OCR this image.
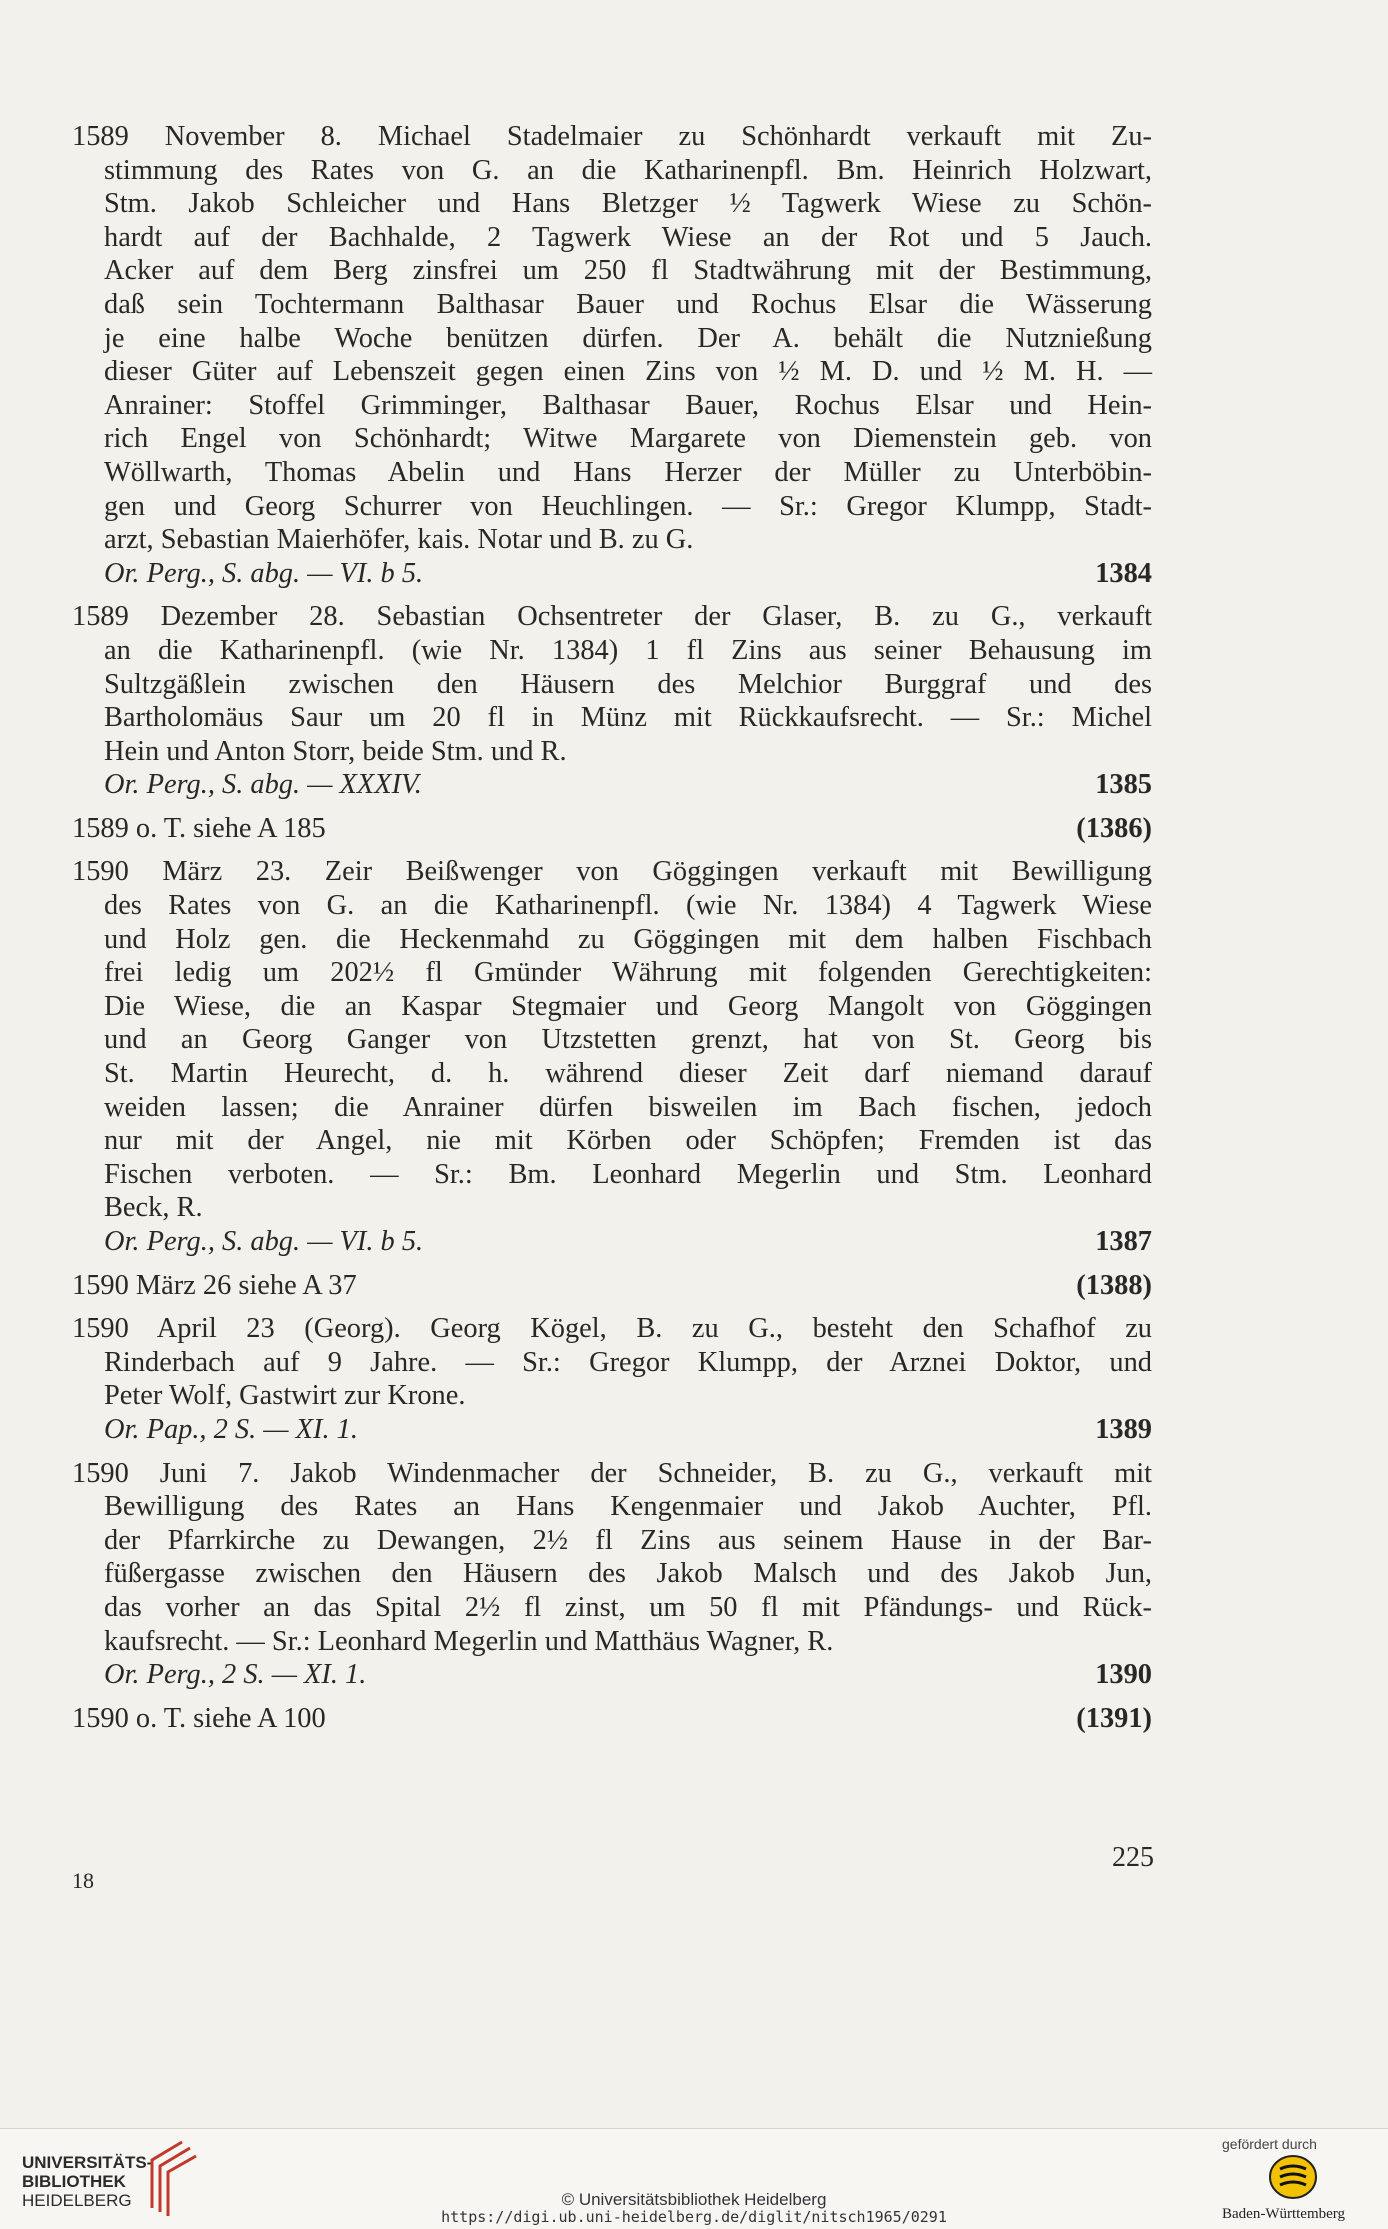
1589 November 8. Michael Stadelmaier zu Schönhardt verkauft mit Zu-
stimmung des Rates von G. an die Katharinenpfl. Bm. Heinrich Holzwart,
Stm. Jakob Schleicher und Hans Bletzger ½ Tagwerk Wiese zu Schön-
hardt auf der Bachhalde, 2 Tagwerk Wiese an der Rot und 5 Jauch.
Acker auf dem Berg zinsfrei um 250 fl Stadtwährung mit der Bestimmung,
daß sein Tochtermann Balthasar Bauer und Rochus Elsar die Wässerung
je eine halbe Woche benützen dürfen. Der A. behält die Nutznießung
dieser Güter auf Lebenszeit gegen einen Zins von ½ M. D. und ½ M. H. —
Anrainer: Stoffel Grimminger, Balthasar Bauer, Rochus Elsar und Hein-
rich Engel von Schönhardt; Witwe Margarete von Diemenstein geb. von
Wöllwarth, Thomas Abelin und Hans Herzer der Müller zu Unterböbin-
gen und Georg Schurrer von Heuchlingen. — Sr.: Gregor Klumpp, Stadt-
arzt, Sebastian Maierhöfer, kais. Notar und B. zu G.
Or. Perg., S. abg. — VI. b 5.	1384
1589 Dezember 28. Sebastian Ochsentreter der Glaser, B. zu G., verkauft
an die Katharinenpfl. (wie Nr. 1384) 1 fl Zins aus seiner Behausung im
Sultzgäßlein zwischen den Häusern des Melchior Burggraf und des
Bartholomäus Saur um 20 fl in Münz mit Rückkaufsrecht. — Sr.: Michel
Hein und Anton Storr, beide Stm. und R.
Or. Perg., S. abg. — XXXIV.	1385
1589 o. T. siehe A 185	(1386)
1590 März 23. Zeir Beißwenger von Göggingen verkauft mit Bewilligung
des Rates von G. an die Katharinenpfl. (wie Nr. 1384) 4 Tagwerk Wiese
und Holz gen. die Heckenmahd zu Göggingen mit dem halben Fischbach
frei ledig um 202½ fl Gmünder Währung mit folgenden Gerechtigkeiten:
Die Wiese, die an Kaspar Stegmaier und Georg Mangolt von Göggingen
und an Georg Ganger von Utzstetten grenzt, hat von St. Georg bis
St. Martin Heurecht, d. h. während dieser Zeit darf niemand darauf
weiden lassen; die Anrainer dürfen bisweilen im Bach fischen, jedoch
nur mit der Angel, nie mit Körben oder Schöpfen; Fremden ist das
Fischen verboten. — Sr.: Bm. Leonhard Megerlin und Stm. Leonhard
Beck, R.
Or. Perg., S. abg. — VI. b 5.	1387
1590 März 26 siehe A 37	(1388)
1590 April 23 (Georg). Georg Kögel, B. zu G., besteht den Schafhof zu
Rinderbach auf 9 Jahre. — Sr.: Gregor Klumpp, der Arznei Doktor, und
Peter Wolf, Gastwirt zur Krone.
Or. Pap., 2 S. — XI. 1.	1389
1590 Juni 7. Jakob Windenmacher der Schneider, B. zu G., verkauft mit
Bewilligung des Rates an Hans Kengenmaier und Jakob Auchter, Pfl.
der Pfarrkirche zu Dewangen, 2½ fl Zins aus seinem Hause in der Bar-
füßergasse zwischen den Häusern des Jakob Malsch und des Jakob Jun,
das vorher an das Spital 2½ fl zinst, um 50 fl mit Pfändungs- und Rück-
kaufsrecht. — Sr.: Leonhard Megerlin und Matthäus Wagner, R.
Or. Perg., 2 S. — XI. 1.	1390
1590 o. T. siehe A 100	(1391)
18
225
UNIVERSITÄTS-
BIBLIOTHEK
HEIDELBERG	© Universitätsbibliothek Heidelberg
https://digi.ub.uni-heidelberg.de/diglit/nitsch1965/0291
gefördert durch
Baden-Württemberg
